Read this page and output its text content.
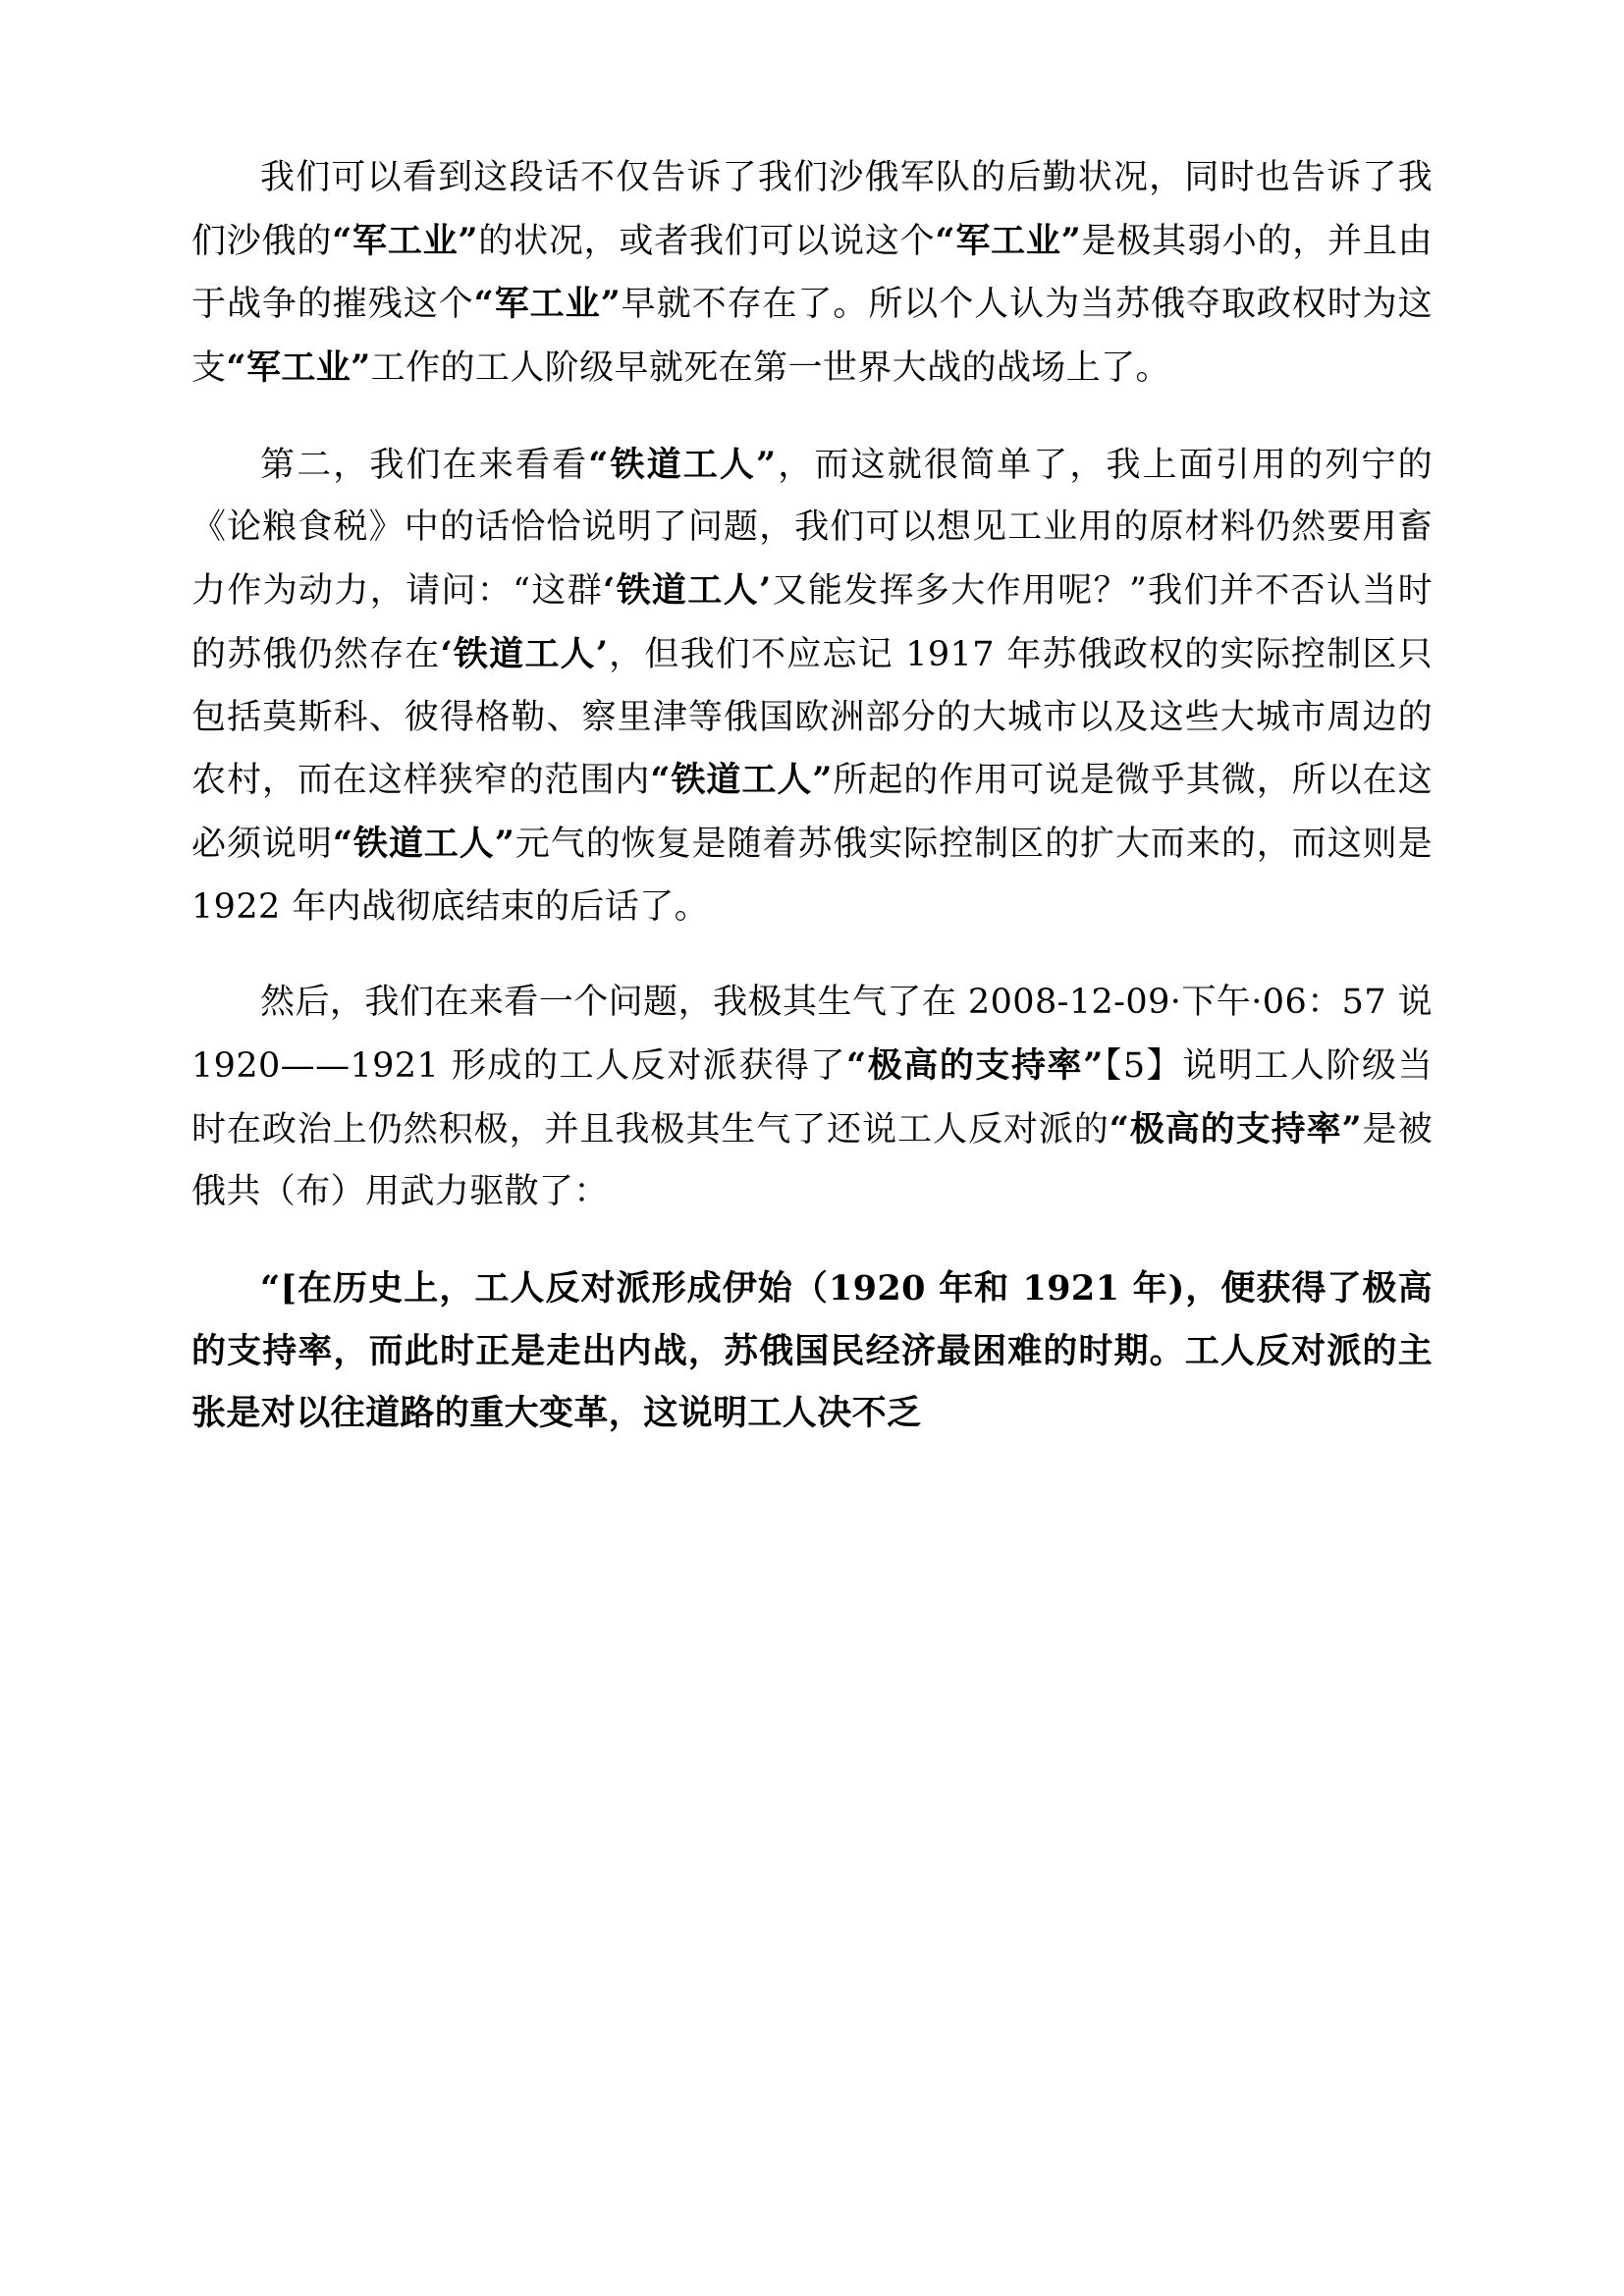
我们可以看到这段话不仅告诉了我们沙俄军队的后勤状况，同时也告诉了我们沙俄的“军工业”的状况，或者我们可以说这个“军工业”是极其弱小的，并且由于战争的摧残这个“军工业”早就不存在了。所以个人认为当苏俄夺取政权时为这支“军工业”工作的工人阶级早就死在第一世界大战的战场上了。

第二，我们在来看看“铁道工人”，而这就很简单了，我上面引用的列宁的《论粮食税》中的话恰恰说明了问题，我们可以想见工业用的原材料仍然要用畜力作为动力，请问：“这群‘铁道工人’又能发挥多大作用呢？”我们并不否认当时的苏俄仍然存在‘铁道工人’，但我们不应忘记 1917 年苏俄政权的实际控制区只包括莫斯科、彼得格勒、察里津等俄国欧洲部分的大城市以及这些大城市周边的农村，而在这样狭窄的范围内“铁道工人”所起的作用可说是微乎其微，所以在这必须说明“铁道工人”元气的恢复是随着苏俄实际控制区的扩大而来的，而这则是 1922 年内战彻底结束的后话了。

然后，我们在来看一个问题，我极其生气了在 2008-12-09·下午·06：57 说 1920——1921 形成的工人反对派获得了“极高的支持率”【5】说明工人阶级当时在政治上仍然积极，并且我极其生气了还说工人反对派的“极高的支持率”是被俄共（布）用武力驱散了：

“[在历史上，工人反对派形成伊始（1920 年和 1921 年)，便获得了极高的支持率，而此时正是走出内战，苏俄国民经济最困难的时期。工人反对派的主张是对以往道路的重大变革，这说明工人决不乏
